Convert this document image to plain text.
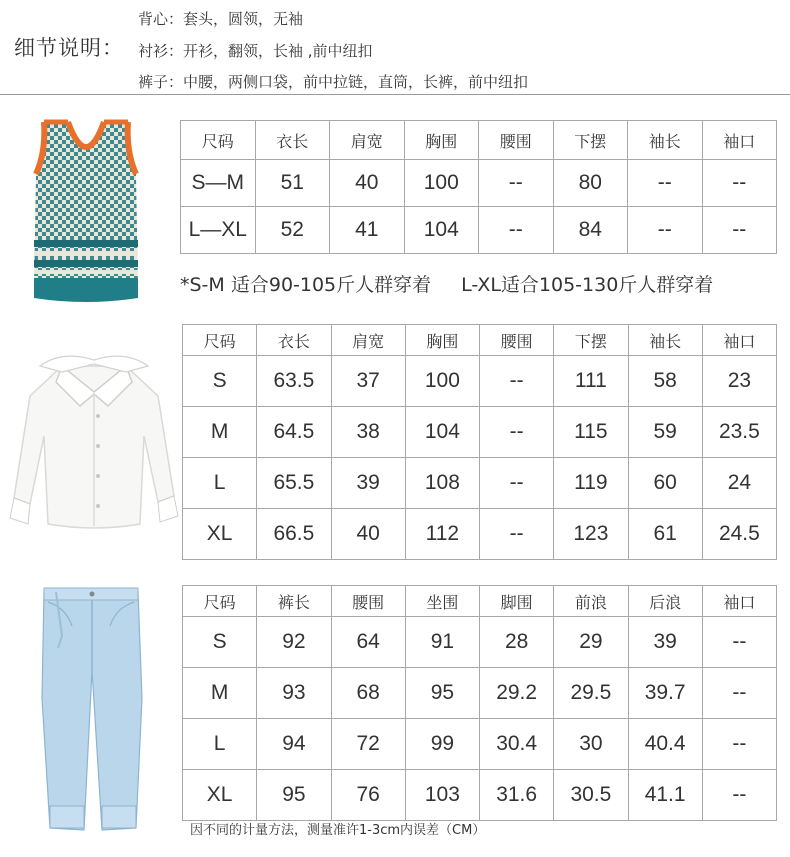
细节说明：
背心：套头，圆领，无袖
衬衫：开衫，翻领，长袖 ,前中纽扣
裤子：中腰，两侧口袋，前中拉链，直筒，长裤，前中纽扣
尺码	衣长	肩宽	胸围	腰围	下摆	袖长	袖口
S—M	51	40	100	--	80	--	--
L—XL	52	41	104	--	84	--	--
*S-M 适合90-105斤人群穿着 L-XL适合105-130斤人群穿着
尺码	衣长	肩宽	胸围	腰围	下摆	袖长	袖口
S	63.5	37	100	--	111	58	23
M	64.5	38	104	--	115	59	23.5
L	65.5	39	108	--	119	60	24
XL	66.5	40	112	--	123	61	24.5
尺码	裤长	腰围	坐围	脚围	前浪	后浪	袖口
S	92	64	91	28	29	39	--
M	93	68	95	29.2	29.5	39.7	--
L	94	72	99	30.4	30	40.4	--
XL	95	76	103	31.6	30.5	41.1	--
因不同的计量方法，测量准许1-3cm内误差（CM）
